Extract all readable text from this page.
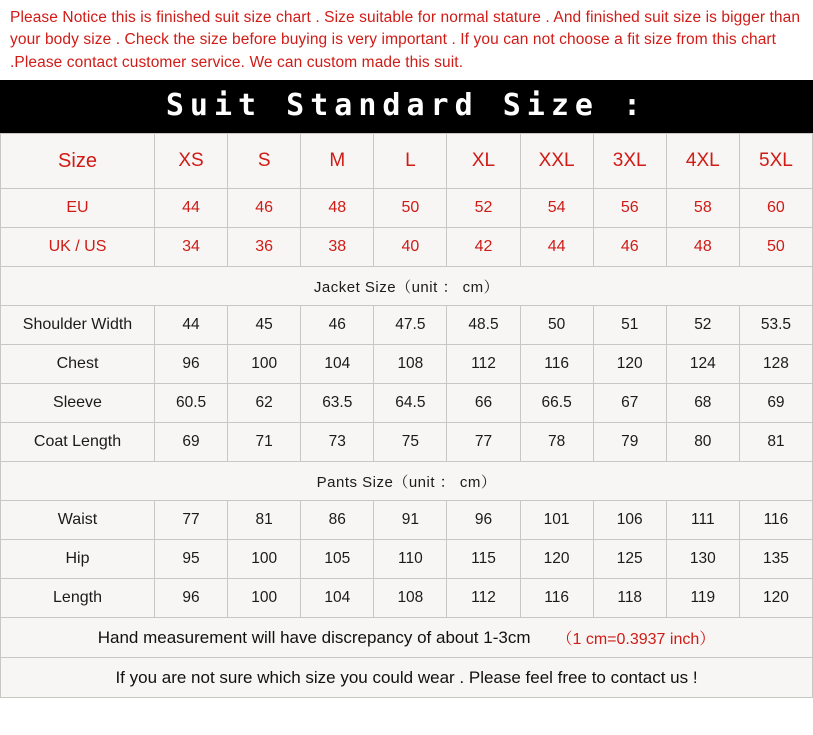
Please Notice this is finished suit size chart . Size suitable for normal stature . And finished suit size is bigger than your body size . Check the size before buying is very important . If you can not choose a fit size from this chart .Please contact customer service. We can custom made this suit.
Suit Standard Size :
Size	XS	S	M	L	XL	XXL	3XL	4XL	5XL
EU	44	46	48	50	52	54	56	58	60
UK / US	34	36	38	40	42	44	46	48	50
Jacket Size（unit ： cm）									
Shoulder Width	44	45	46	47.5	48.5	50	51	52	53.5
Chest	96	100	104	108	112	116	120	124	128
Sleeve	60.5	62	63.5	64.5	66	66.5	67	68	69
Coat Length	69	71	73	75	77	78	79	80	81
Pants Size（unit ： cm）									
Waist	77	81	86	91	96	101	106	111	116
Hip	95	100	105	110	115	120	125	130	135
Length	96	100	104	108	112	116	118	119	120
Hand measurement will have discrepancy of about 1-3cm （1 cm=0.3937 inch）
If you are not sure which size you could wear . Please feel free to contact us !
